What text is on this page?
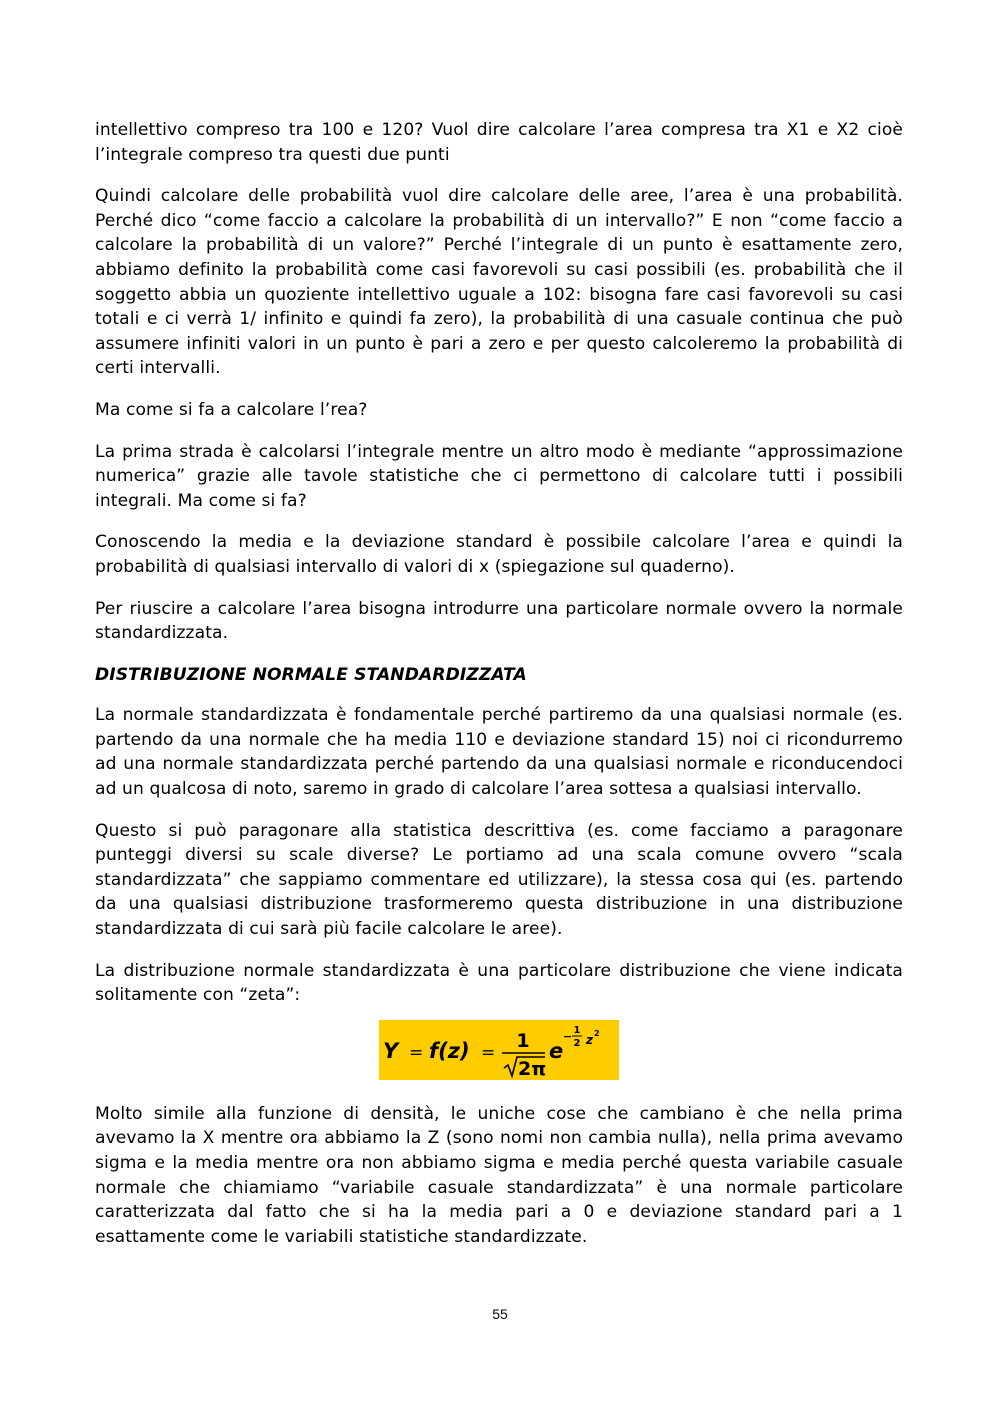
intellettivo compreso tra 100 e 120? Vuol dire calcolare l’area compresa tra X1 e X2 cioè l’integrale compreso tra questi due punti

Quindi calcolare delle probabilità vuol dire calcolare delle aree, l’area è una probabilità. Perché dico “come faccio a calcolare la probabilità di un intervallo?” E non “come faccio a calcolare la probabilità di un valore?” Perché l’integrale di un punto è esattamente zero, abbiamo definito la probabilità come casi favorevoli su casi possibili (es. probabilità che il soggetto abbia un quoziente intellettivo uguale a 102: bisogna fare casi favorevoli su casi totali e ci verrà 1/ infinito e quindi fa zero), la probabilità di una casuale continua che può assumere infiniti valori in un punto è pari a zero e per questo calcoleremo la probabilità di certi intervalli.

Ma come si fa a calcolare l’rea?

La prima strada è calcolarsi l’integrale mentre un altro modo è mediante “approssimazione numerica” grazie alle tavole statistiche che ci permettono di calcolare tutti i possibili integrali. Ma come si fa?

Conoscendo la media e la deviazione standard è possibile calcolare l’area e quindi la probabilità di qualsiasi intervallo di valori di x (spiegazione sul quaderno).

Per riuscire a calcolare l’area bisogna introdurre una particolare normale ovvero la normale standardizzata.

DISTRIBUZIONE NORMALE STANDARDIZZATA

La normale standardizzata è fondamentale perché partiremo da una qualsiasi normale (es. partendo da una normale che ha media 110 e deviazione standard 15) noi ci ricondurremo ad una normale standardizzata perché partendo da una qualsiasi normale e riconducendoci ad un qualcosa di noto, saremo in grado di calcolare l’area sottesa a qualsiasi intervallo.

Questo si può paragonare alla statistica descrittiva (es. come facciamo a paragonare punteggi diversi su scale diverse? Le portiamo ad una scala comune ovvero “scala standardizzata” che sappiamo commentare ed utilizzare), la stessa cosa qui (es. partendo da una qualsiasi distribuzione trasformeremo questa distribuzione in una distribuzione standardizzata di cui sarà più facile calcolare le aree).

La distribuzione normale standardizzata è una particolare distribuzione che viene indicata solitamente con “zeta”:

Y = f(z) =
1
2π
e
− 1
2 z 2

Molto simile alla funzione di densità, le uniche cose che cambiano è che nella prima avevamo la X mentre ora abbiamo la Z (sono nomi non cambia nulla), nella prima avevamo sigma e la media mentre ora non abbiamo sigma e media perché questa variabile casuale normale che chiamiamo “variabile casuale standardizzata” è una normale particolare caratterizzata dal fatto che si ha la media pari a 0 e deviazione standard pari a 1 esattamente come le variabili statistiche standardizzate.

55
